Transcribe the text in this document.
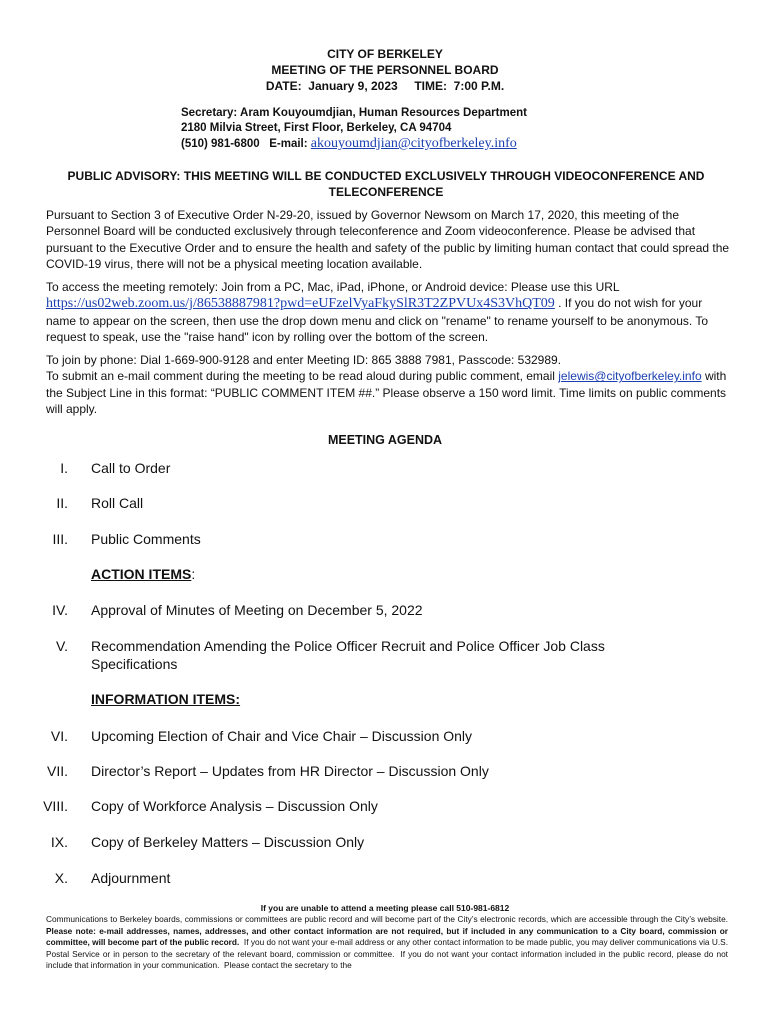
CITY OF BERKELEY
MEETING OF THE PERSONNEL BOARD
DATE:  January 9, 2023     TIME:  7:00 P.M.
Secretary: Aram Kouyoumdjian, Human Resources Department
2180 Milvia Street, First Floor, Berkeley, CA 94704
(510) 981-6800   E-mail: akouyoumdjian@cityofberkeley.info
PUBLIC ADVISORY: THIS MEETING WILL BE CONDUCTED EXCLUSIVELY THROUGH VIDEOCONFERENCE AND TELECONFERENCE
Pursuant to Section 3 of Executive Order N-29-20, issued by Governor Newsom on March 17, 2020, this meeting of the Personnel Board will be conducted exclusively through teleconference and Zoom videoconference. Please be advised that pursuant to the Executive Order and to ensure the health and safety of the public by limiting human contact that could spread the COVID-19 virus, there will not be a physical meeting location available.
To access the meeting remotely: Join from a PC, Mac, iPad, iPhone, or Android device: Please use this URL https://us02web.zoom.us/j/86538887981?pwd=eUFzelVyaFkySlR3T2ZPVUx4S3VhQT09 . If you do not wish for your name to appear on the screen, then use the drop down menu and click on "rename" to rename yourself to be anonymous. To request to speak, use the "raise hand" icon by rolling over the bottom of the screen.
To join by phone: Dial 1-669-900-9128 and enter Meeting ID: 865 3888 7981, Passcode: 532989.
To submit an e-mail comment during the meeting to be read aloud during public comment, email jelewis@cityofberkeley.info with the Subject Line in this format: “PUBLIC COMMENT ITEM ##.” Please observe a 150 word limit. Time limits on public comments will apply.
MEETING AGENDA
I. Call to Order
II. Roll Call
III. Public Comments
ACTION ITEMS:
IV. Approval of Minutes of Meeting on December 5, 2022
V. Recommendation Amending the Police Officer Recruit and Police Officer Job Class Specifications
INFORMATION ITEMS:
VI. Upcoming Election of Chair and Vice Chair – Discussion Only
VII. Director’s Report – Updates from HR Director – Discussion Only
VIII. Copy of Workforce Analysis – Discussion Only
IX. Copy of Berkeley Matters – Discussion Only
X. Adjournment
If you are unable to attend a meeting please call 510-981-6812
Communications to Berkeley boards, commissions or committees are public record and will become part of the City’s electronic records, which are accessible through the City’s website.  Please note: e-mail addresses, names, addresses, and other contact information are not required, but if included in any communication to a City board, commission or committee, will become part of the public record.  If you do not want your e-mail address or any other contact information to be made public, you may deliver communications via U.S. Postal Service or in person to the secretary of the relevant board, commission or committee.  If you do not want your contact information included in the public record, please do not include that information in your communication.  Please contact the secretary to the
